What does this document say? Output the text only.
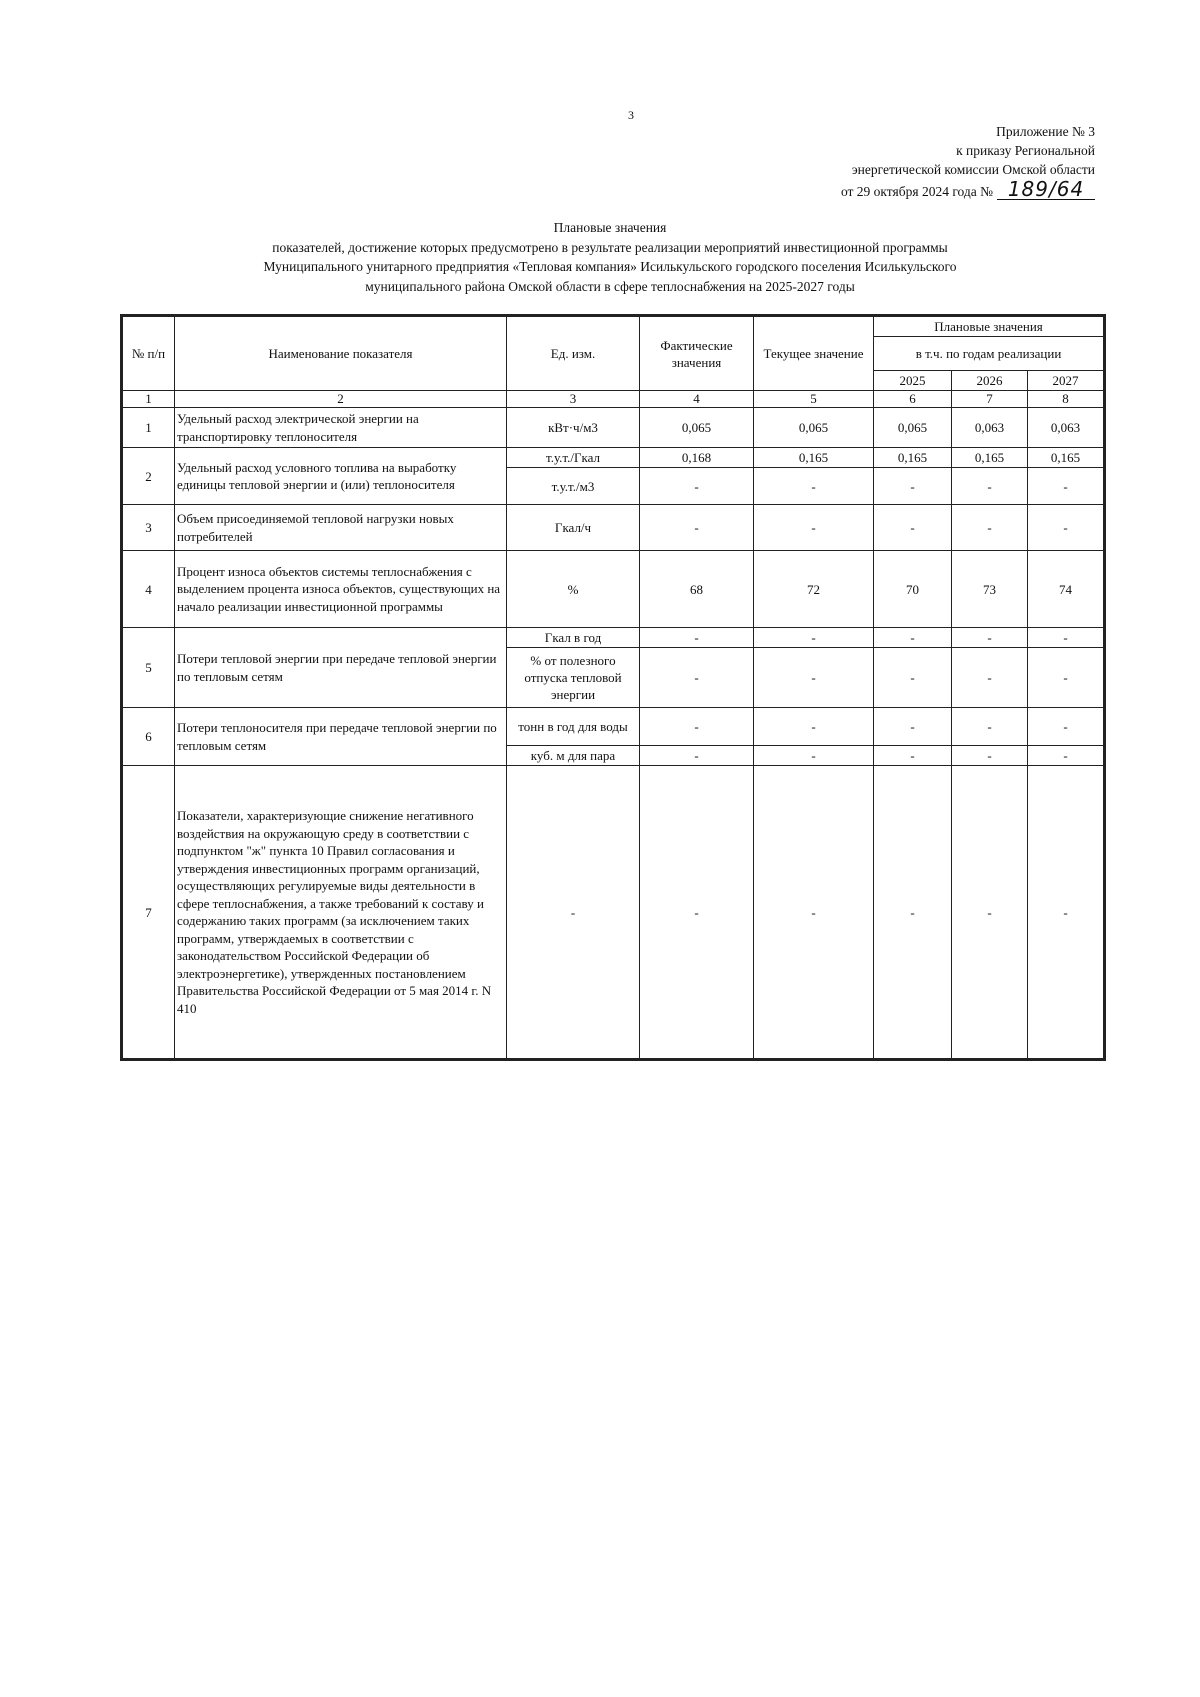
3
Приложение № 3
к приказу Региональной
энергетической комиссии Омской области
от 29 октября 2024 года № 189/64
Плановые значения
показателей, достижение которых предусмотрено в результате реализации мероприятий инвестиционной программы
Муниципального унитарного предприятия «Тепловая компания» Исилькульского городского поселения Исилькульского
муниципального района Омской области в сфере теплоснабжения на 2025-2027 годы
№ п/п	Наименование показателя	Ед. изм.	Фактические значения	Текущее значение	Плановые значения		
					в т.ч. по годам реализации		
					2025	2026	2027
1	2	3	4	5	6	7	8
1	Удельный расход электрической энергии на транспортировку теплоносителя	кВт·ч/м3	0,065	0,065	0,065	0,063	0,063
2	Удельный расход условного топлива на выработку единицы тепловой энергии и (или) теплоносителя	т.у.т./Гкал	0,168	0,165	0,165	0,165	0,165
		т.у.т./м3	-	-	-	-	-
3	Объем присоединяемой тепловой нагрузки новых потребителей	Гкал/ч	-	-	-	-	-
4	Процент износа объектов системы теплоснабжения с выделением процента износа объектов, существующих на начало реализации инвестиционной программы	%	68	72	70	73	74
5	Потери тепловой энергии при передаче тепловой энергии по тепловым сетям	Гкал в год	-	-	-	-	-
		% от полезного отпуска тепловой энергии	-	-	-	-	-
6	Потери теплоносителя при передаче тепловой энергии по тепловым сетям	тонн в год для воды	-	-	-	-	-
		куб. м для пара	-	-	-	-	-
7	Показатели, характеризующие снижение негативного воздействия на окружающую среду в соответствии с подпунктом "ж" пункта 10 Правил согласования и утверждения инвестиционных программ организаций, осуществляющих регулируемые виды деятельности в сфере теплоснабжения, а также требований к составу и содержанию таких программ (за исключением таких программ, утверждаемых в соответствии с законодательством Российской Федерации об электроэнергетике), утвержденных постановлением Правительства Российской Федерации от 5 мая 2014 г. N 410	-	-	-	-	-	-
